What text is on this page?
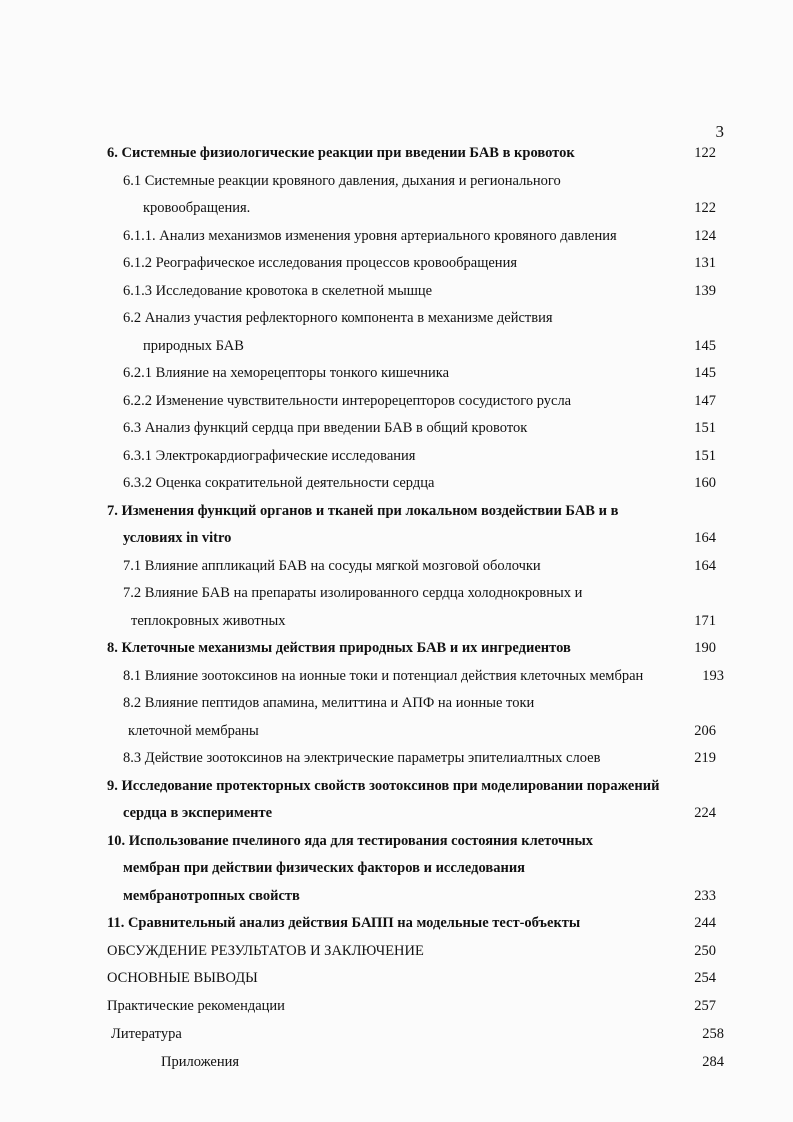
3
6. Системные физиологические реакции при введении БАВ в кровоток	122
6.1 Системные реакции кровяного давления, дыхания и регионального
кровообращения.	122
6.1.1. Анализ механизмов изменения уровня артериального кровяного давления	124
6.1.2 Реографическое исследования процессов кровообращения	131
6.1.3 Исследование кровотока в скелетной мышце	139
6.2 Анализ участия рефлекторного компонента в механизме действия
природных БАВ	145
6.2.1 Влияние на хеморецепторы тонкого кишечника	145
6.2.2 Изменение чувствительности интерорецепторов сосудистого русла	147
6.3 Анализ функций сердца при введении БАВ в общий кровоток	151
6.3.1 Электрокардиографические исследования	151
6.3.2 Оценка сократительной деятельности сердца	160
7. Изменения функций органов и тканей при локальном воздействии БАВ и в
условиях in vitro	164
7.1 Влияние аппликаций БАВ на сосуды мягкой мозговой оболочки	164
7.2 Влияние БАВ на препараты изолированного сердца холоднокровных и
теплокровных животных	171
8. Клеточные механизмы действия природных БАВ и их ингредиентов	190
8.1 Влияние зоотоксинов на ионные токи и потенциал действия клеточных мембран	193
8.2 Влияние пептидов апамина, мелиттина и АПФ на ионные токи
клеточной мембраны	206
8.3 Действие зоотоксинов на электрические параметры эпителиалтных слоев	219
9. Исследование протекторных свойств зоотоксинов при моделировании поражений
сердца в эксперименте	224
10. Использование пчелиного яда для тестирования состояния клеточных
мембран при действии физических факторов и исследования
мембранотропных свойств	233
11. Сравнительный анализ действия БАПП на модельные тест-объекты	244
ОБСУЖДЕНИЕ РЕЗУЛЬТАТОВ И ЗАКЛЮЧЕНИЕ	250
ОСНОВНЫЕ ВЫВОДЫ	254
Практические рекомендации	257
Литература	258
Приложения	284
